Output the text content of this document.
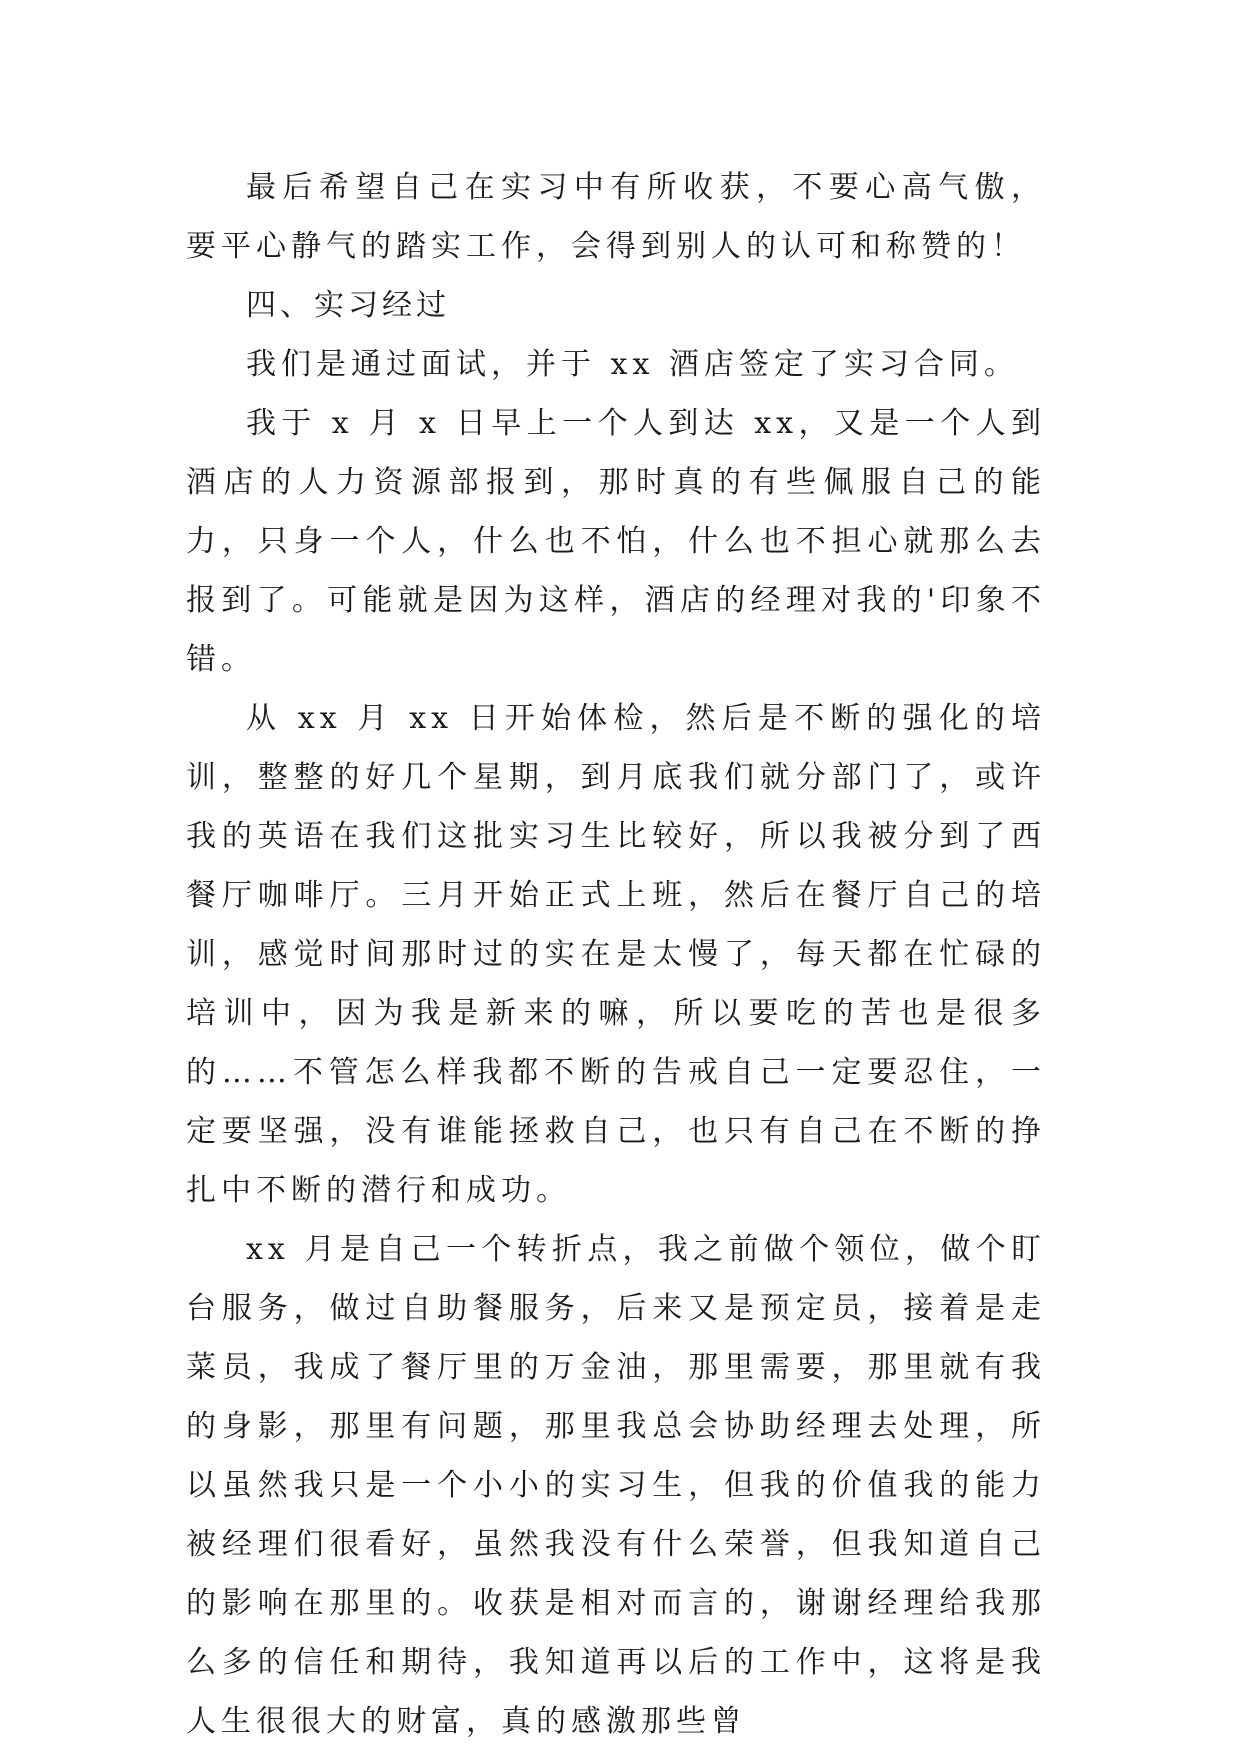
最后希望自己在实习中有所收获，不要心高气傲，要平心静气的踏实工作，会得到别人的认可和称赞的！

四、实习经过

我们是通过面试，并于 xx 酒店签定了实习合同。

我于 x 月 x 日早上一个人到达 xx，又是一个人到酒店的人力资源部报到，那时真的有些佩服自己的能力，只身一个人，什么也不怕，什么也不担心就那么去报到了。可能就是因为这样，酒店的经理对我的'印象不错。

从 xx 月 xx 日开始体检，然后是不断的强化的培训，整整的好几个星期，到月底我们就分部门了，或许我的英语在我们这批实习生比较好，所以我被分到了西餐厅咖啡厅。三月开始正式上班，然后在餐厅自己的培训，感觉时间那时过的实在是太慢了，每天都在忙碌的培训中，因为我是新来的嘛，所以要吃的苦也是很多的……不管怎么样我都不断的告戒自己一定要忍住，一定要坚强，没有谁能拯救自己，也只有自己在不断的挣扎中不断的潜行和成功。

xx 月是自己一个转折点，我之前做个领位，做个盯台服务，做过自助餐服务，后来又是预定员，接着是走菜员，我成了餐厅里的万金油，那里需要，那里就有我的身影，那里有问题，那里我总会协助经理去处理，所以虽然我只是一个小小的实习生，但我的价值我的能力被经理们很看好，虽然我没有什么荣誉，但我知道自己的影响在那里的。收获是相对而言的，谢谢经理给我那么多的信任和期待，我知道再以后的工作中，这将是我人生很很大的财富，真的感激那些曾
